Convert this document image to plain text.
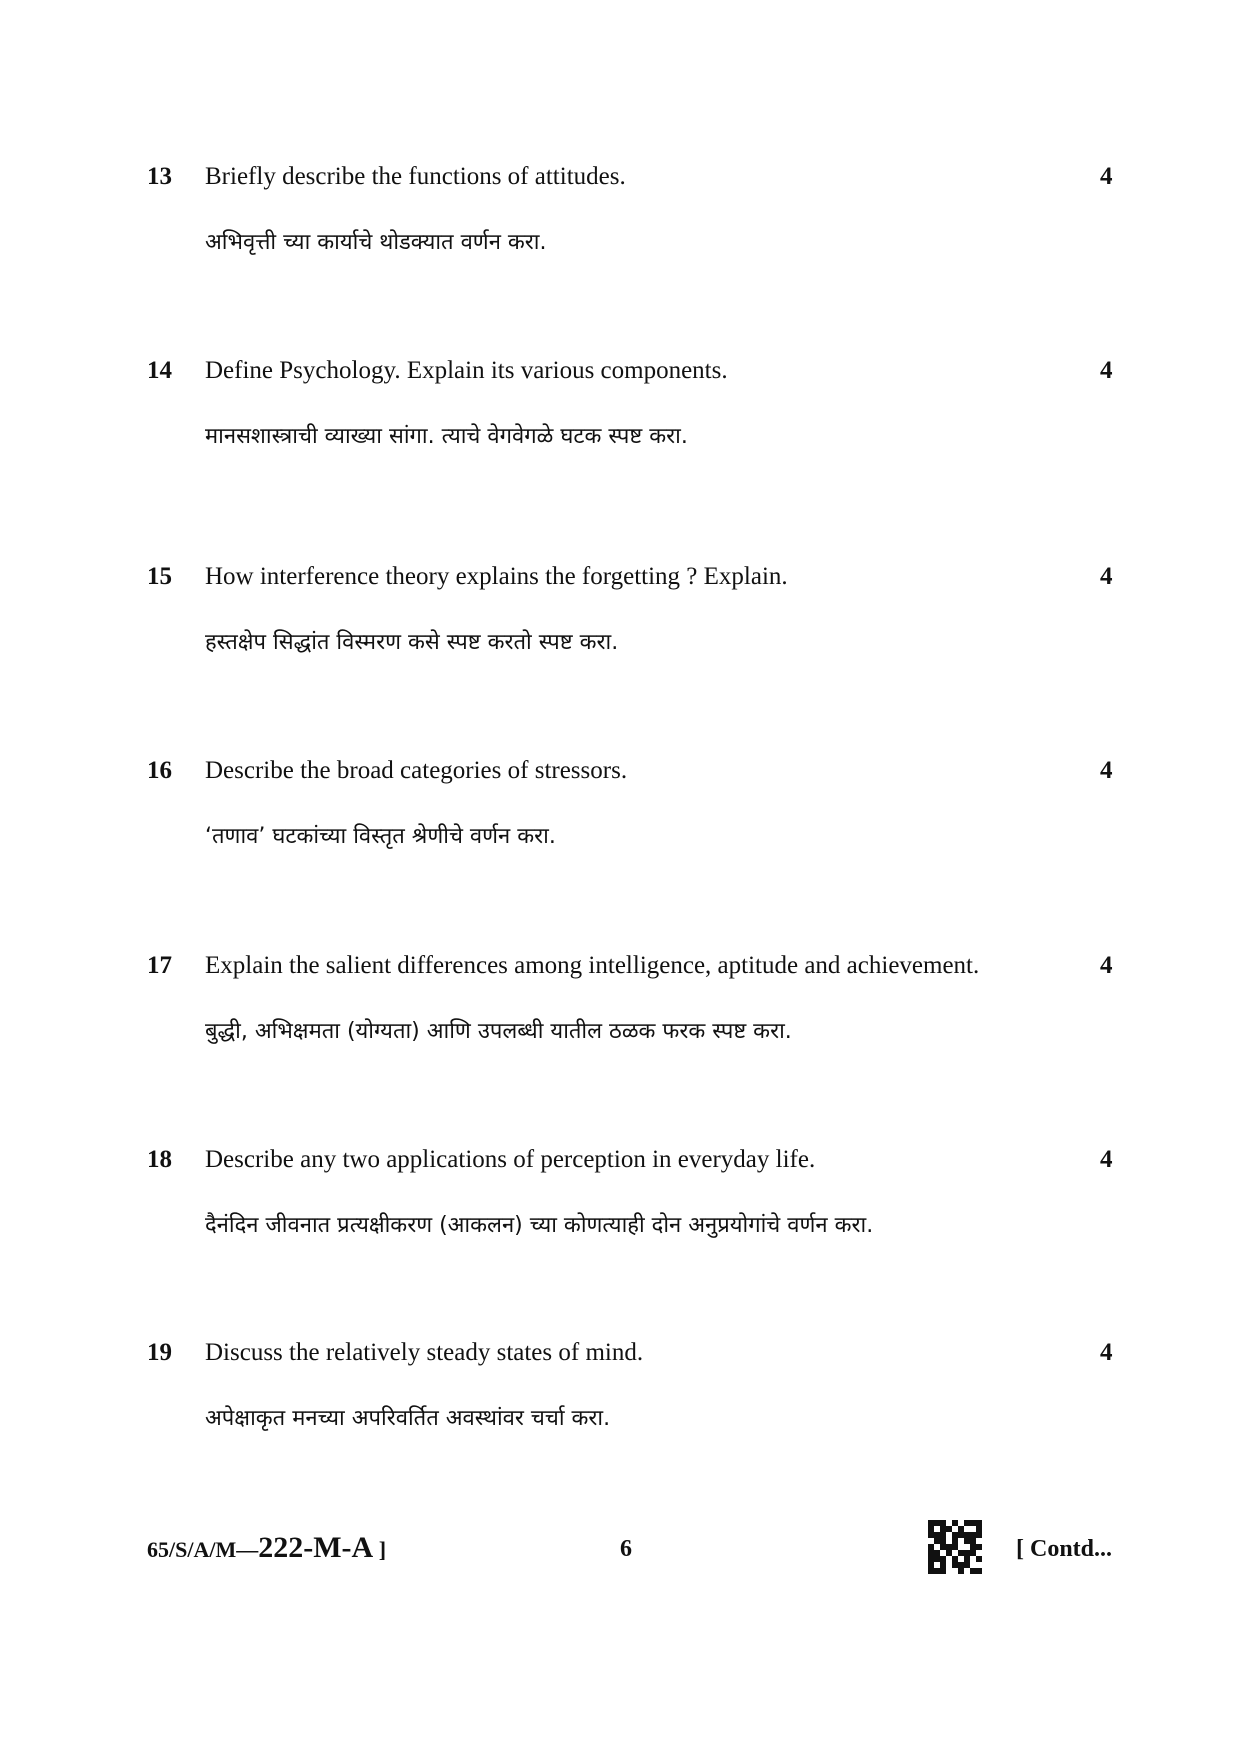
13 Briefly describe the functions of attitudes.
अभिवृत्ती च्या कार्याचे थोडक्यात वर्णन करा.
4
14 Define Psychology. Explain its various components.
मानसशास्त्राची व्याख्या सांगा. त्याचे वेगवेगळे घटक स्पष्ट करा.
4
15 How interference theory explains the forgetting ? Explain.
हस्तक्षेप सिद्धांत विस्मरण कसे स्पष्ट करतो स्पष्ट करा.
4
16 Describe the broad categories of stressors.
‘तणाव’ घटकांच्या विस्तृत श्रेणीचे वर्णन करा.
4
17 Explain the salient differences among intelligence, aptitude and achievement.
बुद्धी, अभिक्षमता (योग्यता) आणि उपलब्धी यातील ठळक फरक स्पष्ट करा.
4
18 Describe any two applications of perception in everyday life.
दैनंदिन जीवनात प्रत्यक्षीकरण (आकलन) च्या कोणत्याही दोन अनुप्रयोगांचे वर्णन करा.
4
19 Discuss the relatively steady states of mind.
अपेक्षाकृत मनच्या अपरिवर्तित अवस्थांवर चर्चा करा.
4
65/S/A/M—222-M-A ]	6	[ Contd...
